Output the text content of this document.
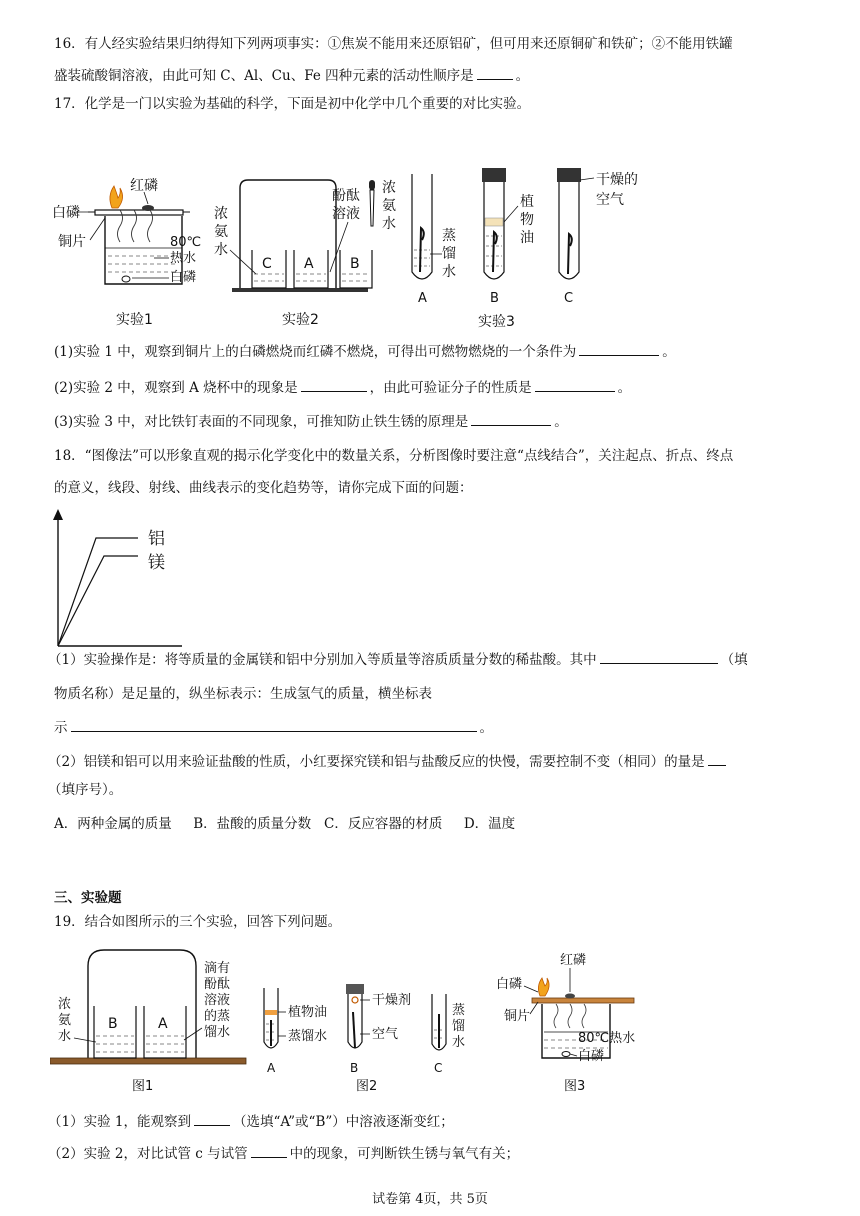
16．有人经实验结果归纳得知下列两项事实：①焦炭不能用来还原铝矿，但可用来还原铜矿和铁矿；②不能用铁罐
盛装硫酸铜溶液，由此可知 C、Al、Cu、Fe 四种元素的活动性顺序是	。
17．化学是一门以实验为基础的科学，下面是初中化学中几个重要的对比实验。
白磷
红磷
铜片	80℃
热水
白磷
实验1
C A	B
浓
氨
水
酚酞
溶液
浓
氨
水
实验2
A
蒸
馏
水
B
植
物
油
C
干燥的
空气
实验3
(1)实验 1 中，观察到铜片上的白磷燃烧而红磷不燃烧，可得出可燃物燃烧的一个条件为	。
(2)实验 2 中，观察到 A 烧杯中的现象是	，由此可验证分子的性质是	。
(3)实验 3 中，对比铁钉表面的不同现象，可推知防止铁生锈的原理是	。
18．“图像法”可以形象直观的揭示化学变化中的数量关系，分析图像时要注意“点线结合”，关注起点、折点、终点
的意义，线段、射线、曲线表示的变化趋势等，请你完成下面的问题：
铝
镁
（1）实验操作是：将等质量的金属镁和铝中分别加入等质量等溶质质量分数的稀盐酸。其中	（填
物质名称）是足量的，纵坐标表示：生成氢气的质量，横坐标表
示	。
（2）铝镁和铝可以用来验证盐酸的性质，小红要探究镁和铝与盐酸反应的快慢，需要控制不变（相同）的量是
（填序号）。
A．两种金属的质量 B．盐酸的质量分数 C．反应容器的材质 D．温度
三、实验题
19．结合如图所示的三个实验，回答下列问题。
B	A
浓
氨
水
滴有
酚酞
溶液
的蒸
馏水
图1
植物油
蒸馏水
A
干燥剂
空气
B
蒸
馏
水
C
图2
红磷
白磷
铜片
80℃热水
白磷
图3
（1）实验 1，能观察到	（选填“A”或“B”）中溶液逐渐变红；
（2）实验 2，对比试管 c 与试管	中的现象，可判断铁生锈与氧气有关；
试卷第 4页，共 5页
